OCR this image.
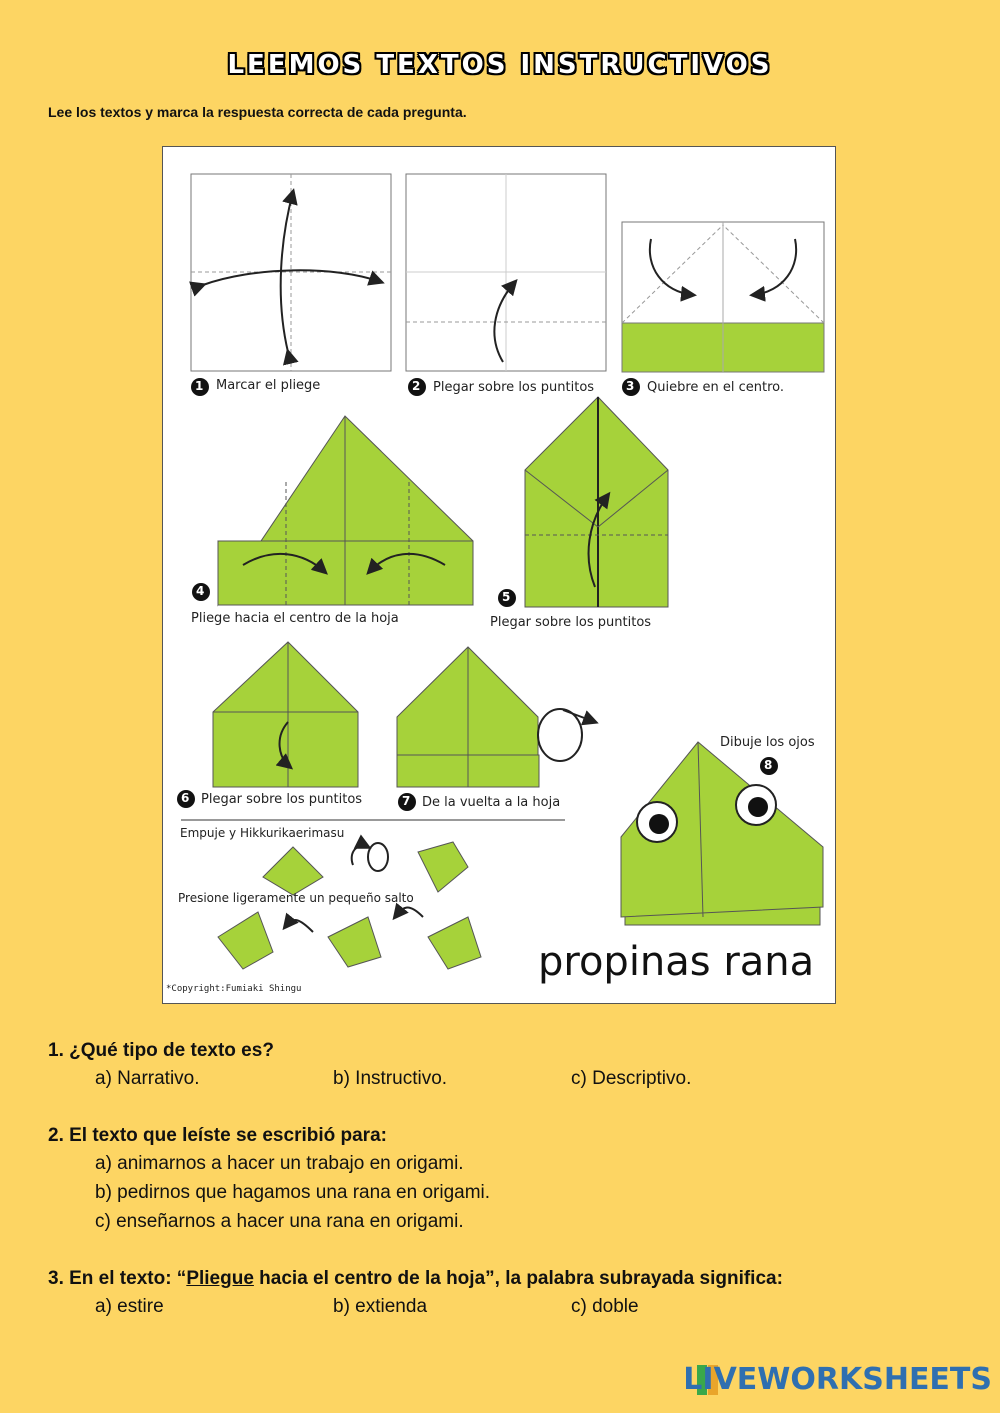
LEEMOS TEXTOS INSTRUCTIVOS
Lee los textos y marca la respuesta correcta de cada pregunta.
1 Marcar el pliege	2 Plegar sobre los puntitos	3 Quiebre en el centro.
4
Pliege hacia el centro de la hoja
5
Plegar sobre los puntitos
6 Plegar sobre los puntitos	7 De la vuelta a la hoja
8
Dibuje los ojos
Empuje y Hikkurikaerimasu
Presione ligeramente un pequeño salto
propinas rana
*Copyright:Fumiaki Shingu
1. ¿Qué tipo de texto es?
a) Narrativo.	b) Instructivo.	c) Descriptivo.
2. El texto que leíste se escribió para:
a) animarnos a hacer un trabajo en origami.
b) pedirnos que hagamos una rana en origami.
c) enseñarnos a hacer una rana en origami.
3. En el texto: “Pliegue hacia el centro de la hoja”, la palabra subrayada significa:
a) estire	b) extienda	c) doble
LIVEWORKSHEETS
